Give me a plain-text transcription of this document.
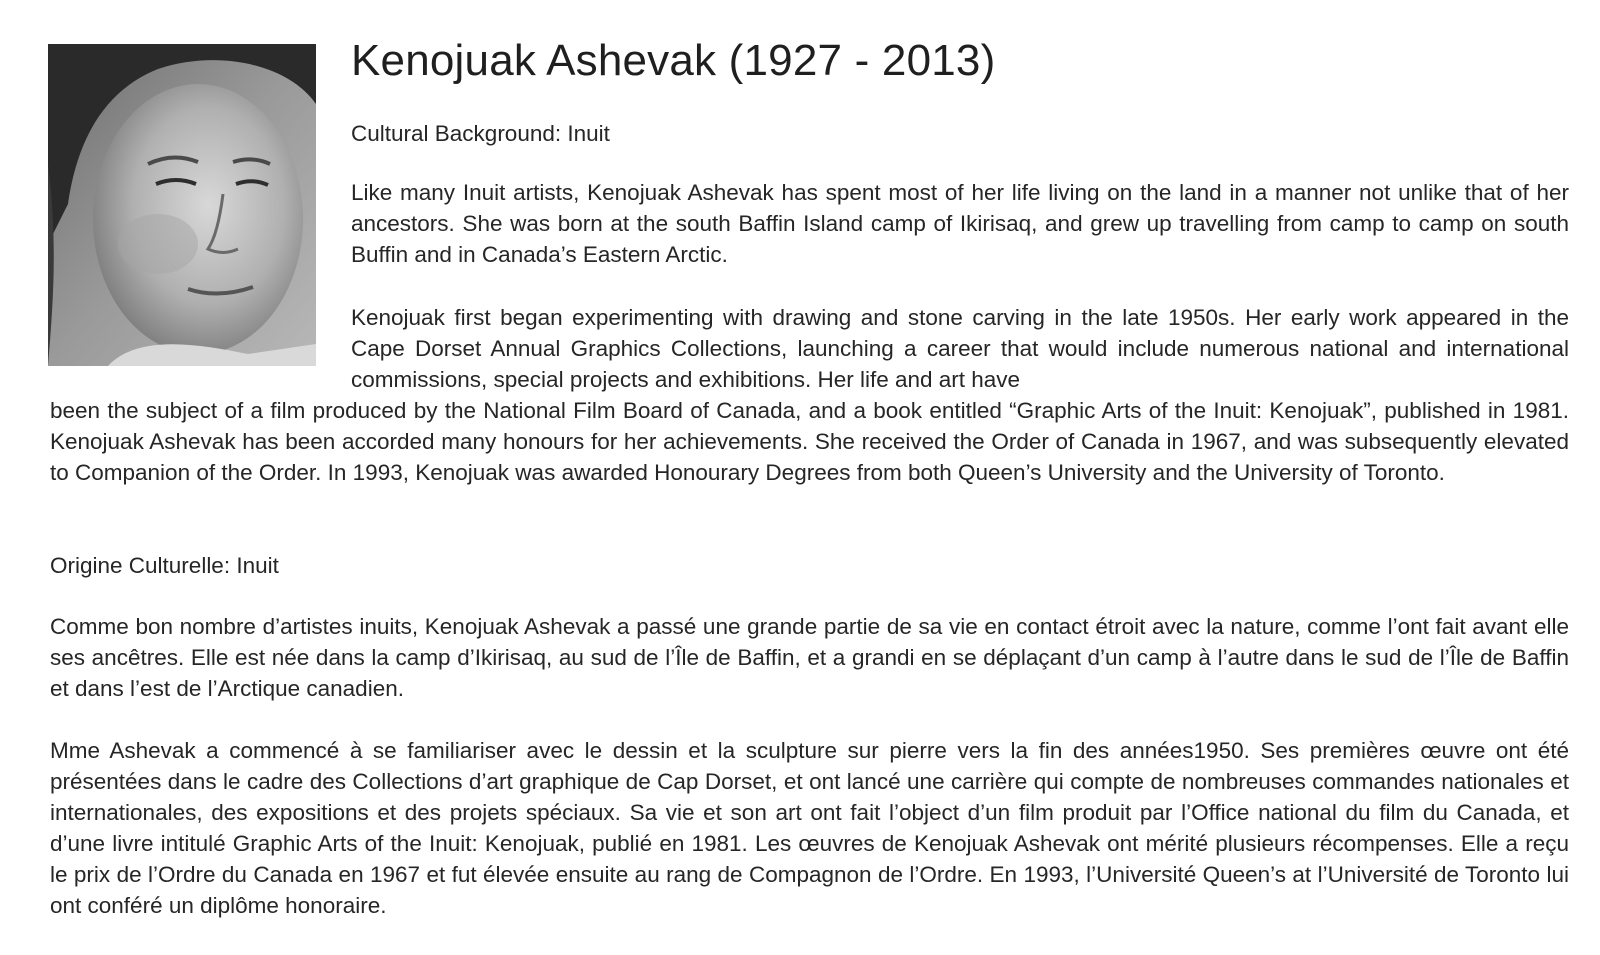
Kenojuak Ashevak (1927 - 2013)

Cultural Background: Inuit

Like many Inuit artists, Kenojuak Ashevak has spent most of her life living on the land in a manner not unlike that of her ancestors. She was born at the south Baffin Island camp of Ikirisaq, and grew up travelling from camp to camp on south Buffin and in Canada’s Eastern Arctic.

Kenojuak first began experimenting with drawing and stone carving in the late 1950s. Her early work appeared in the Cape Dorset Annual Graphics Collections, launching a career that would include numerous national and international commissions, special projects and exhibitions. Her life and art have

been the subject of a film produced by the National Film Board of Canada, and a book entitled “Graphic Arts of the Inuit: Kenojuak”, published in 1981. Kenojuak Ashevak has been accorded many honours for her achievements. She received the Order of Canada in 1967, and was subsequently elevated to Companion of the Order. In 1993, Kenojuak was awarded Honourary Degrees from both Queen’s University and the University of Toronto.

Origine Culturelle: Inuit

Comme bon nombre d’artistes inuits, Kenojuak Ashevak a passé une grande partie de sa vie en contact étroit avec la nature, comme l’ont fait avant elle ses ancêtres. Elle est née dans la camp d’Ikirisaq, au sud de l’Île de Baffin, et a grandi en se déplaçant d’un camp à l’autre dans le sud de l’Île de Baffin et dans l’est de l’Arctique canadien.

Mme Ashevak a commencé à se familiariser avec le dessin et la sculpture sur pierre vers la fin des années1950. Ses premières œuvre ont été présentées dans le cadre des Collections d’art graphique de Cap Dorset, et ont lancé une carrière qui compte de nombreuses commandes nationales et internationales, des expositions et des projets spéciaux. Sa vie et son art ont fait l’object d’un film produit par l’Office national du film du Canada, et d’une livre intitulé Graphic Arts of the Inuit: Kenojuak, publié en 1981. Les œuvres de Kenojuak Ashevak ont mérité plusieurs récompenses. Elle a reçu le prix de l’Ordre du Canada en 1967 et fut élevée ensuite au rang de Compagnon de l’Ordre. En 1993, l’Université Queen’s at l’Université de Toronto lui ont conféré un diplôme honoraire.
